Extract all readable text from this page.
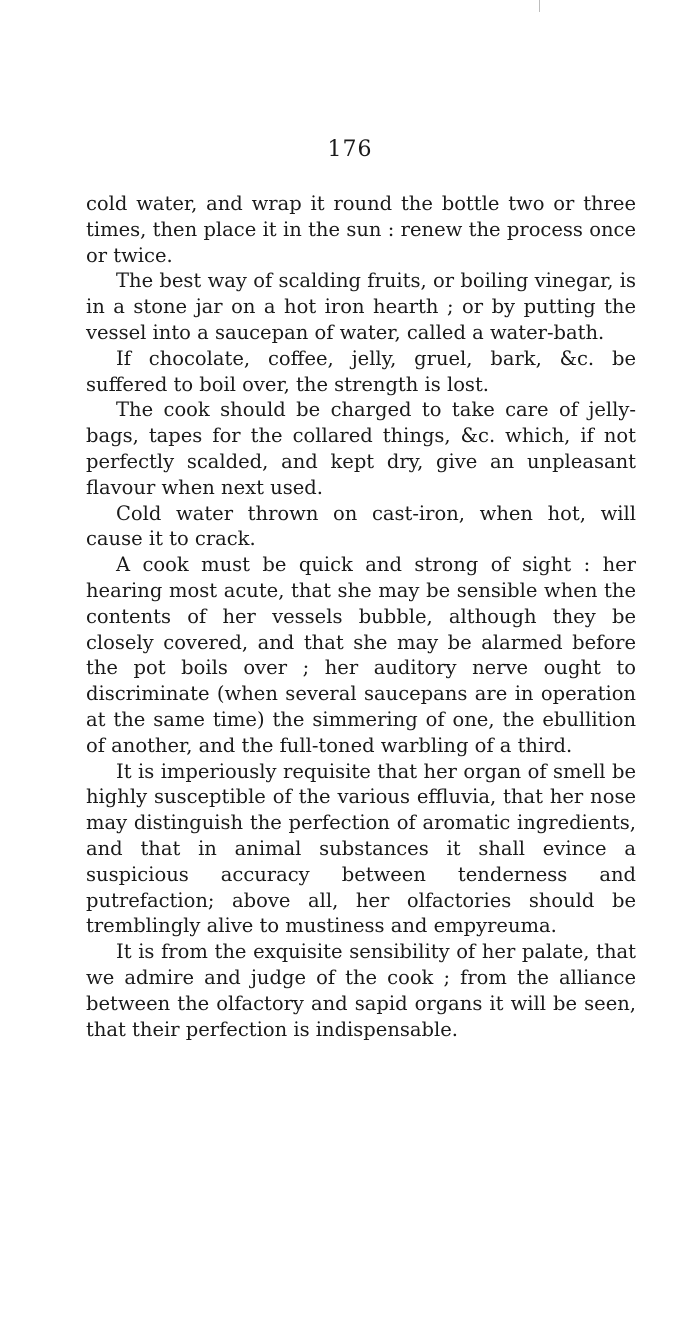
176

cold water, and wrap it round the bottle two or three times, then place it in the sun : renew the process once or twice.

The best way of scalding fruits, or boiling vinegar, is in a stone jar on a hot iron hearth ; or by putting the vessel into a saucepan of water, called a water-bath.

If chocolate, coffee, jelly, gruel, bark, &c. be suffered to boil over, the strength is lost.

The cook should be charged to take care of jelly-bags, tapes for the collared things, &c. which, if not perfectly scalded, and kept dry, give an unpleasant flavour when next used.

Cold water thrown on cast-iron, when hot, will cause it to crack.

A cook must be quick and strong of sight : her hearing most acute, that she may be sensible when the contents of her vessels bubble, although they be closely covered, and that she may be alarmed before the pot boils over ; her auditory nerve ought to discriminate (when several saucepans are in operation at the same time) the simmering of one, the ebullition of another, and the full-toned warbling of a third.

It is imperiously requisite that her organ of smell be highly susceptible of the various effluvia, that her nose may distinguish the perfection of aromatic ingredients, and that in animal substances it shall evince a suspicious accuracy between tenderness and putrefaction; above all, her olfactories should be tremblingly alive to mustiness and empyreuma.

It is from the exquisite sensibility of her palate, that we admire and judge of the cook ; from the alliance between the olfactory and sapid organs it will be seen, that their perfection is indispensable.
